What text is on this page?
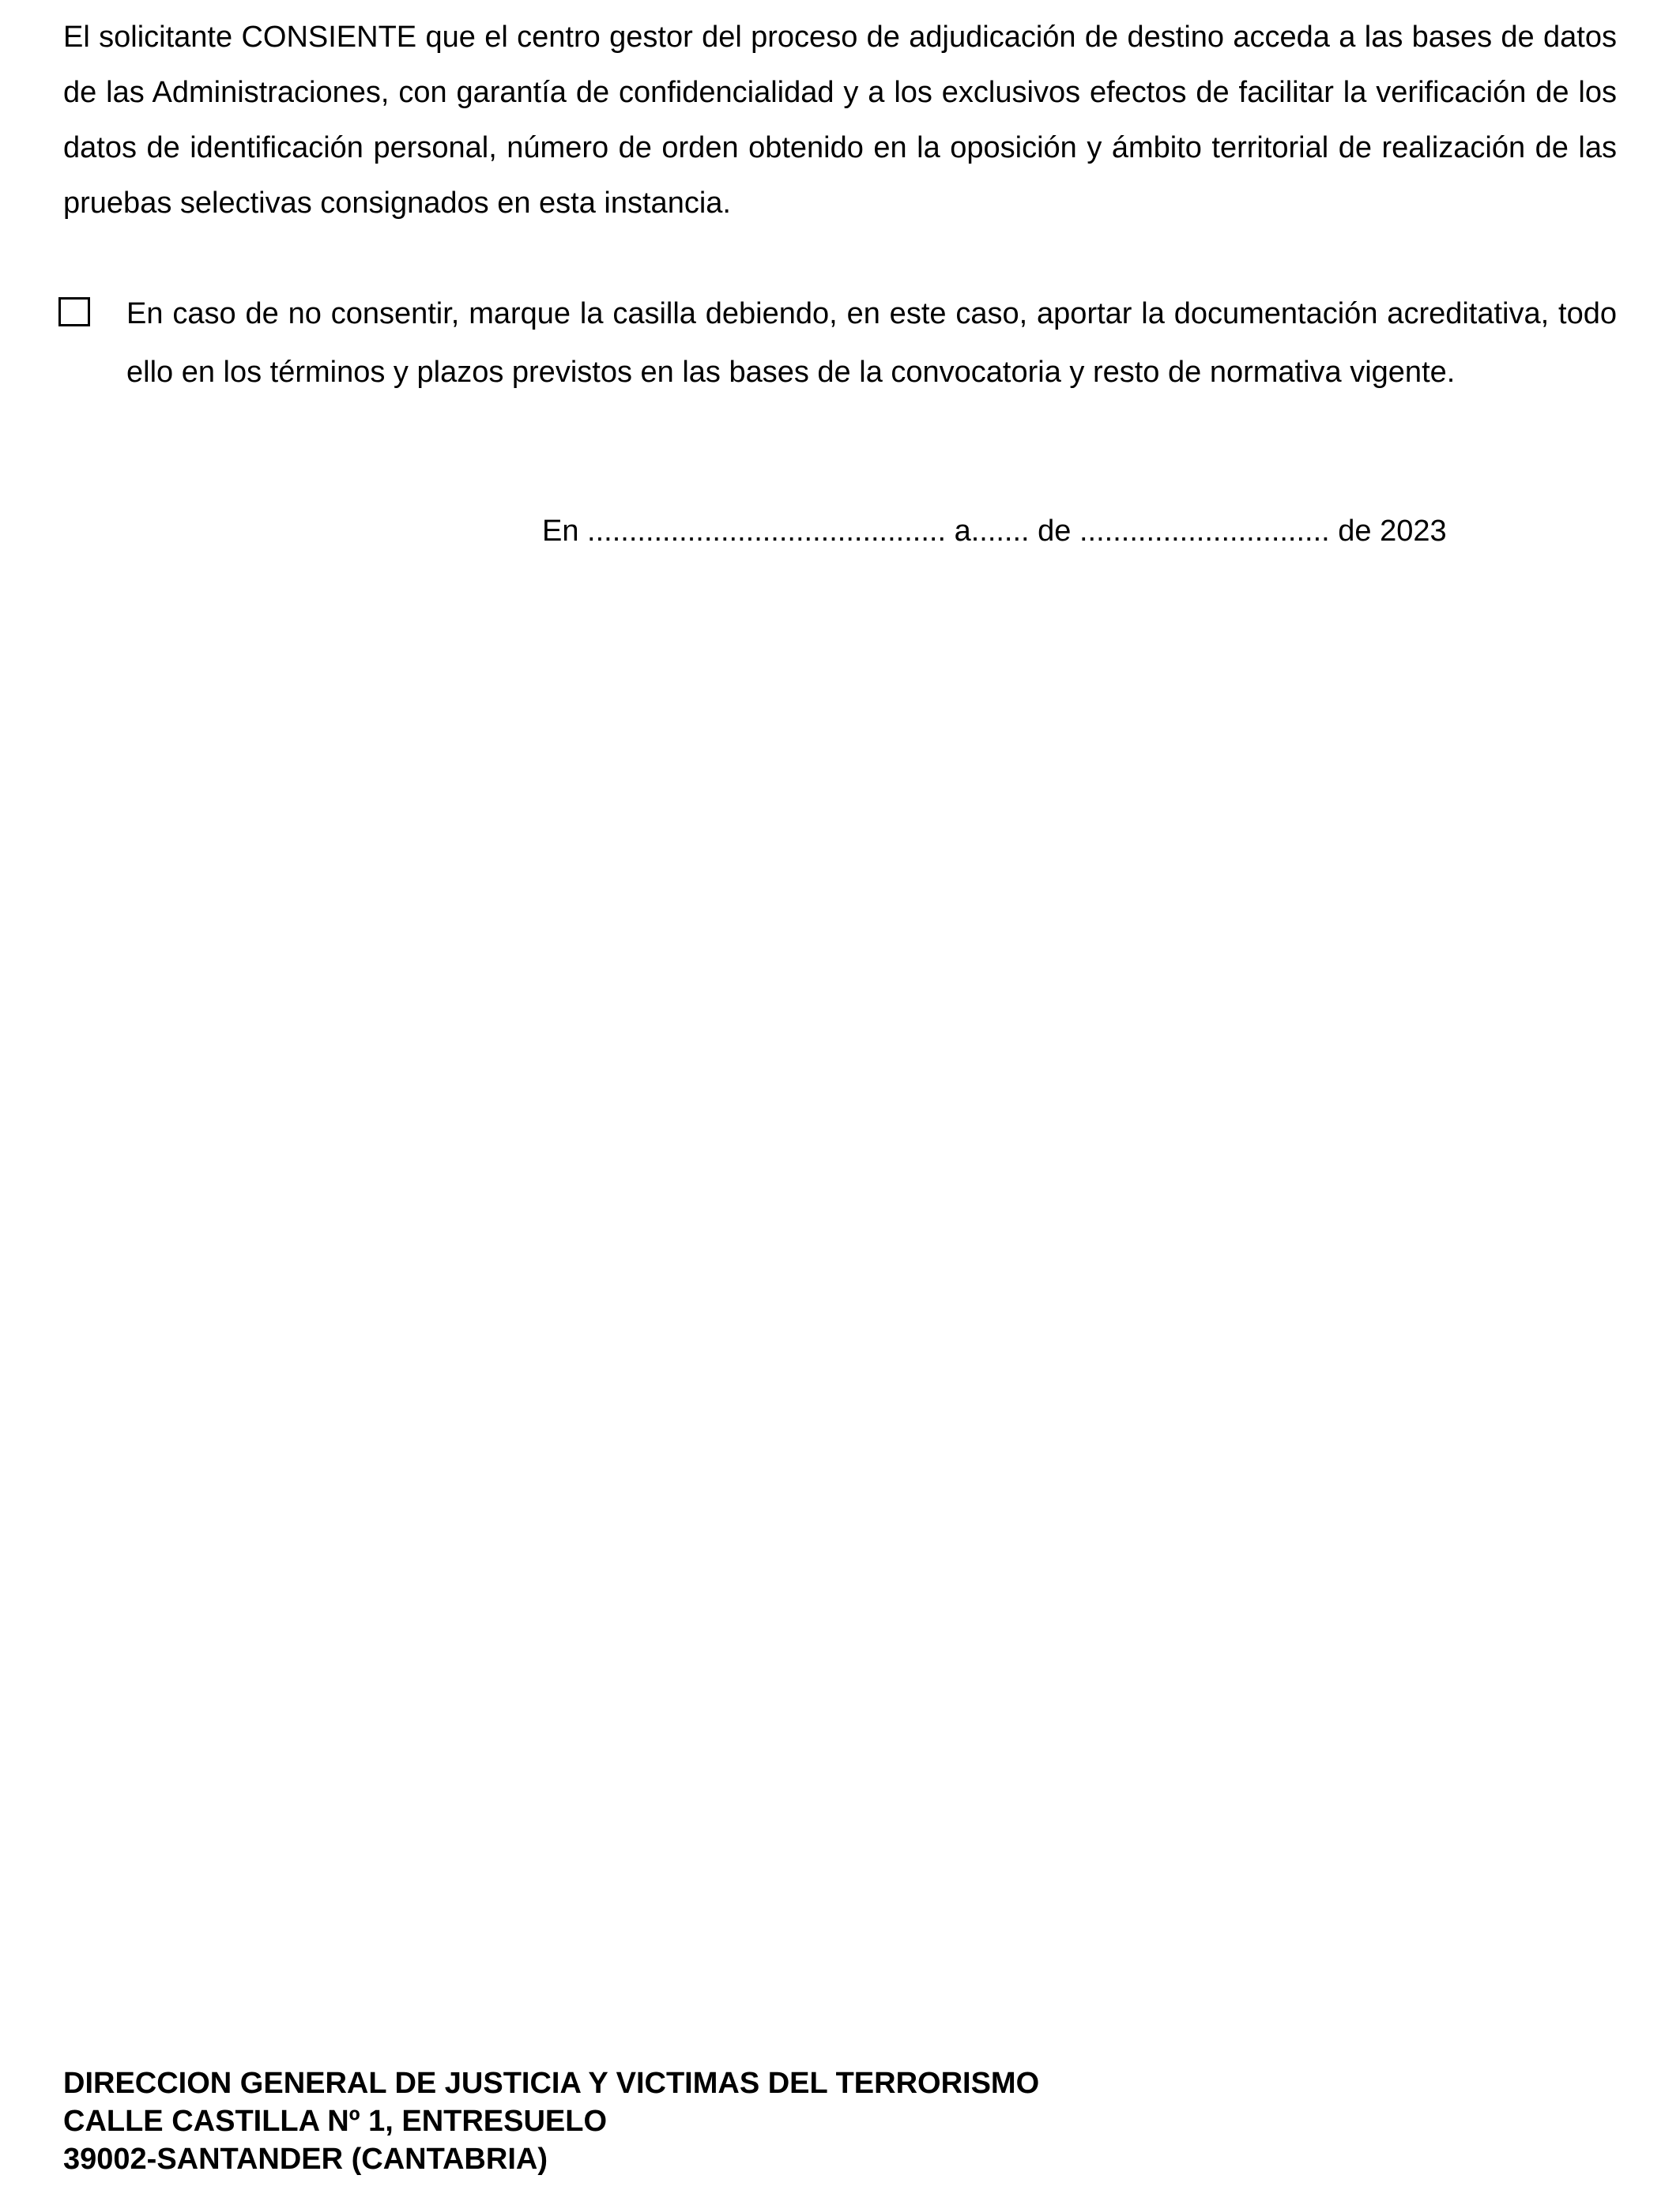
El solicitante CONSIENTE que el centro gestor del proceso de adjudicación de destino acceda a las bases de datos de las Administraciones, con garantía de confidencialidad y a los exclusivos efectos de facilitar la verificación de los datos de identificación personal, número de orden obtenido en la oposición y ámbito territorial de realización de las pruebas selectivas consignados en esta instancia.

En caso de no consentir, marque la casilla debiendo, en este caso, aportar la documentación acreditativa, todo ello en los términos y plazos previstos en las bases de la convocatoria y resto de normativa vigente.

En ........................................... a....... de .............................. de 2023
DIRECCION GENERAL DE JUSTICIA Y VICTIMAS DEL TERRORISMO
CALLE CASTILLA Nº 1, ENTRESUELO
39002-SANTANDER (CANTABRIA)
